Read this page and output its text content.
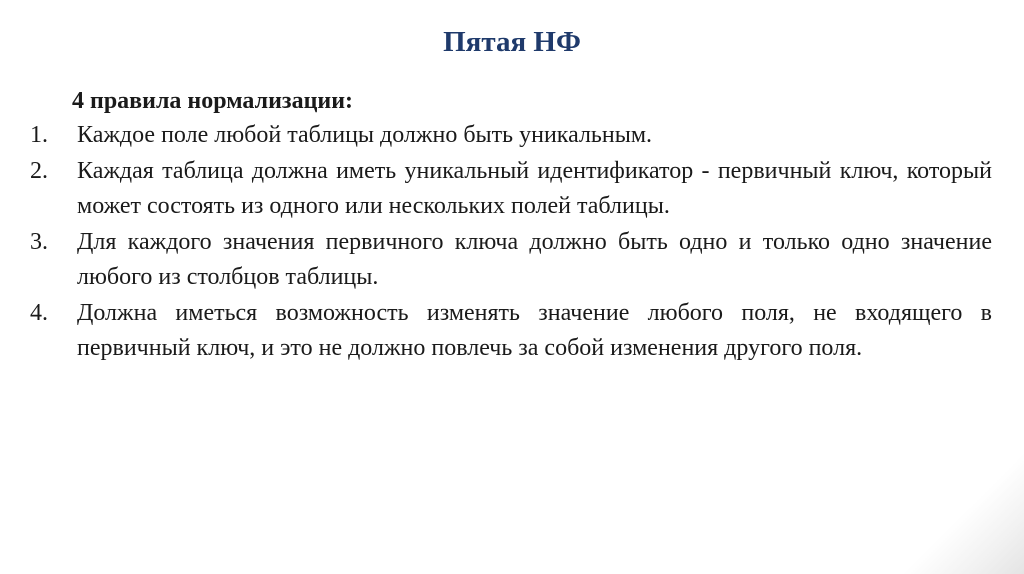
Пятая НФ
4 правила нормализации:
1. Каждое поле любой таблицы должно быть уникальным.
2. Каждая таблица должна иметь уникальный идентификатор - первичный ключ, который может состоять из одного или нескольких полей таблицы.
3. Для каждого значения первичного ключа должно быть одно и только одно значение любого из столбцов таблицы.
4. Должна иметься возможность изменять значение любого поля, не входящего в первичный ключ, и это не должно повлечь за собой изменения другого поля.
